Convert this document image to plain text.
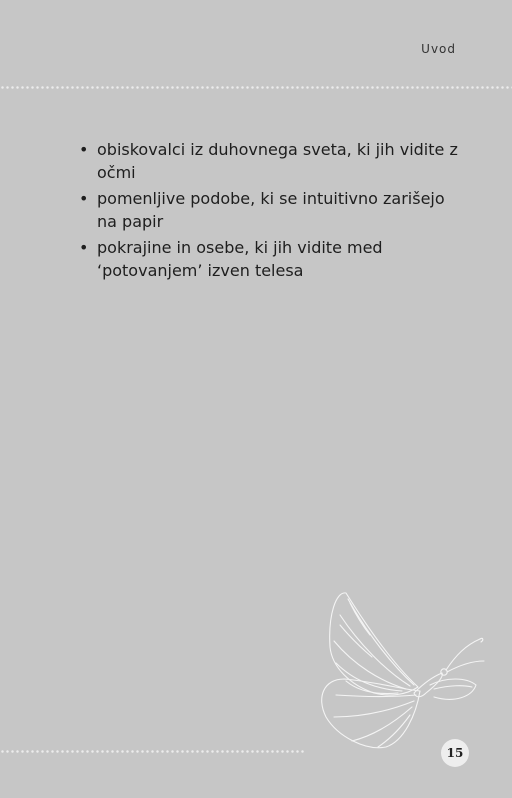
Uvod
• obiskovalci iz duhovnega sveta, ki jih vidite z očmi
• pomenljive podobe, ki se intuitivno zarišejo na papir
• pokrajine in osebe, ki jih vidite med ‘potovanjem’ izven telesa
15
